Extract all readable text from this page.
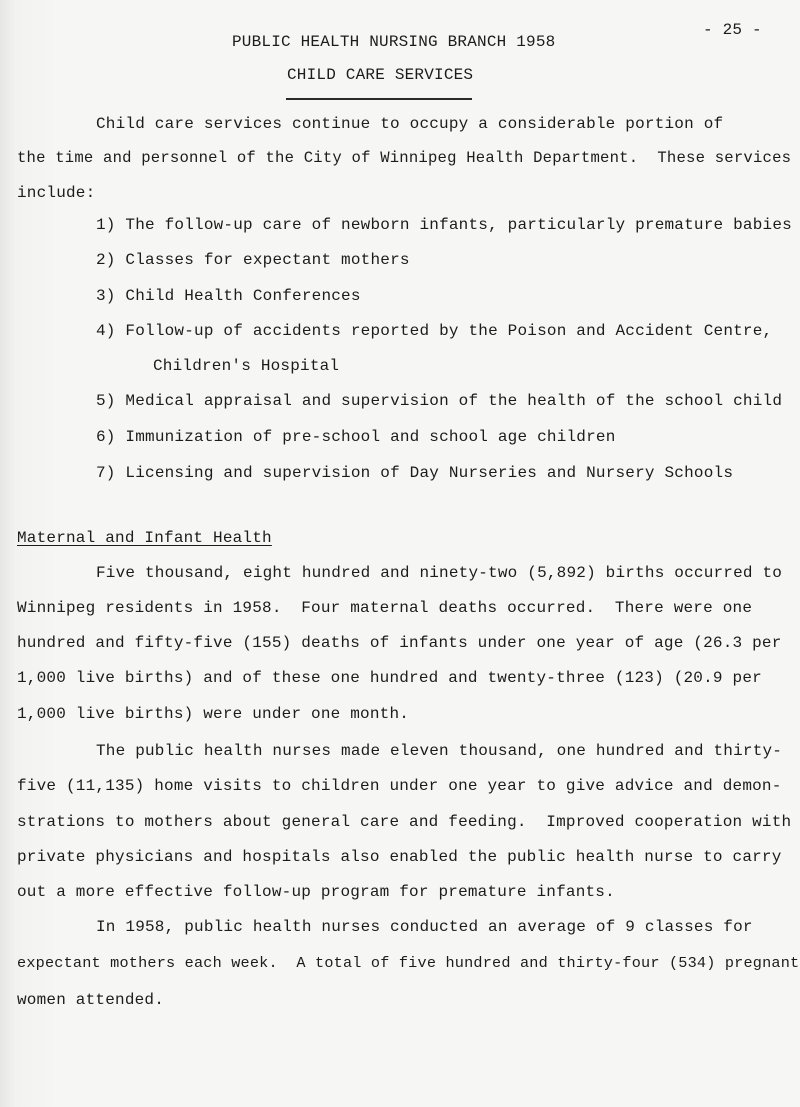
- 25 -
PUBLIC HEALTH NURSING BRANCH 1958
CHILD CARE SERVICES
Child care services continue to occupy a considerable portion of
the time and personnel of the City of Winnipeg Health Department.  These services
include:
1) The follow-up care of newborn infants, particularly premature babies
2) Classes for expectant mothers
3) Child Health Conferences
4) Follow-up of accidents reported by the Poison and Accident Centre,
Children's Hospital
5) Medical appraisal and supervision of the health of the school child
6) Immunization of pre-school and school age children
7) Licensing and supervision of Day Nurseries and Nursery Schools
Maternal and Infant Health
Five thousand, eight hundred and ninety-two (5,892) births occurred to
Winnipeg residents in 1958.  Four maternal deaths occurred.  There were one
hundred and fifty-five (155) deaths of infants under one year of age (26.3 per
1,000 live births) and of these one hundred and twenty-three (123) (20.9 per
1,000 live births) were under one month.
The public health nurses made eleven thousand, one hundred and thirty-
five (11,135) home visits to children under one year to give advice and demon-
strations to mothers about general care and feeding.  Improved cooperation with
private physicians and hospitals also enabled the public health nurse to carry
out a more effective follow-up program for premature infants.
In 1958, public health nurses conducted an average of 9 classes for
expectant mothers each week.  A total of five hundred and thirty-four (534) pregnant
women attended.
